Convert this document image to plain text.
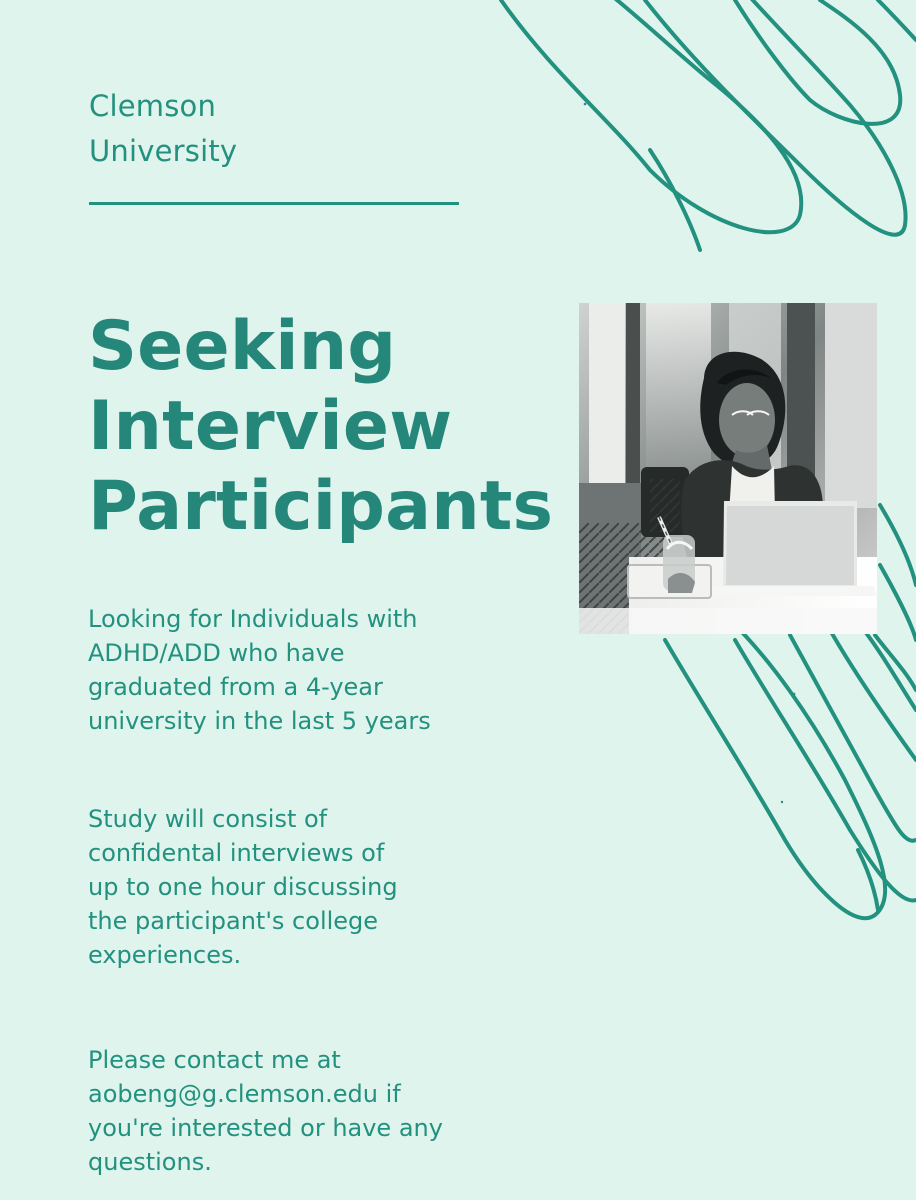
Clemson
University
Seeking
Interview
Participants
Looking for Individuals with
ADHD/ADD who have
graduated from a 4-year
university in the last 5 years
Study will consist of
confidental interviews of
up to one hour discussing
the participant's college
experiences.
Please contact me at
aobeng@g.clemson.edu if
you're interested or have any
questions.
